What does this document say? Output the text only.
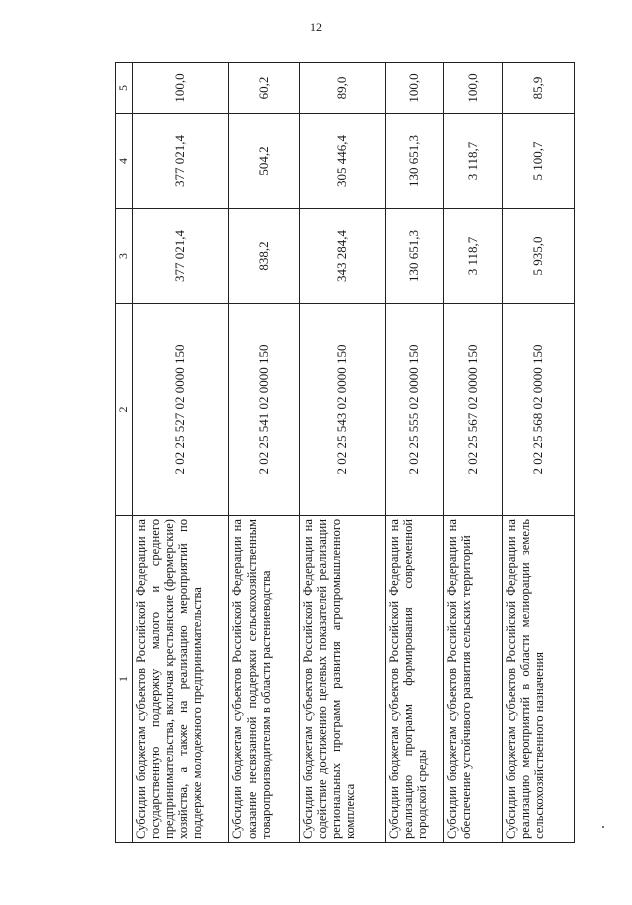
12
1	2	3	4	5
Субсидии бюджетам субъектов Российской Федерации на государственную поддержку малого и среднего предпринимательства, включая крестьянские (фермерские) хозяйства, а также на реализацию мероприятий по поддержке молодежного предпринимательства	2 02 25 527 02 0000 150	377 021,4	377 021,4	100,0
Субсидии бюджетам субъектов Российской Федерации на оказание несвязанной поддержки сельскохозяйственным товаропроизводителям в области растениеводства	2 02 25 541 02 0000 150	838,2	504,2	60,2
Субсидии бюджетам субъектов Российской Федерации на содействие достижению целевых показателей реализации региональных программ развития агропромышленного комплекса	2 02 25 543 02 0000 150	343 284,4	305 446,4	89,0
Субсидии бюджетам субъектов Российской Федерации на реализацию программ формирования современной городской среды	2 02 25 555 02 0000 150	130 651,3	130 651,3	100,0
Субсидии бюджетам субъектов Российской Федерации на обеспечение устойчивого развития сельских территорий	2 02 25 567 02 0000 150	3 118,7	3 118,7	100,0
Субсидии бюджетам субъектов Российской Федерации на реализацию мероприятий в области мелиорации земель сельскохозяйственного назначения	2 02 25 568 02 0000 150	5 935,0	5 100,7	85,9
